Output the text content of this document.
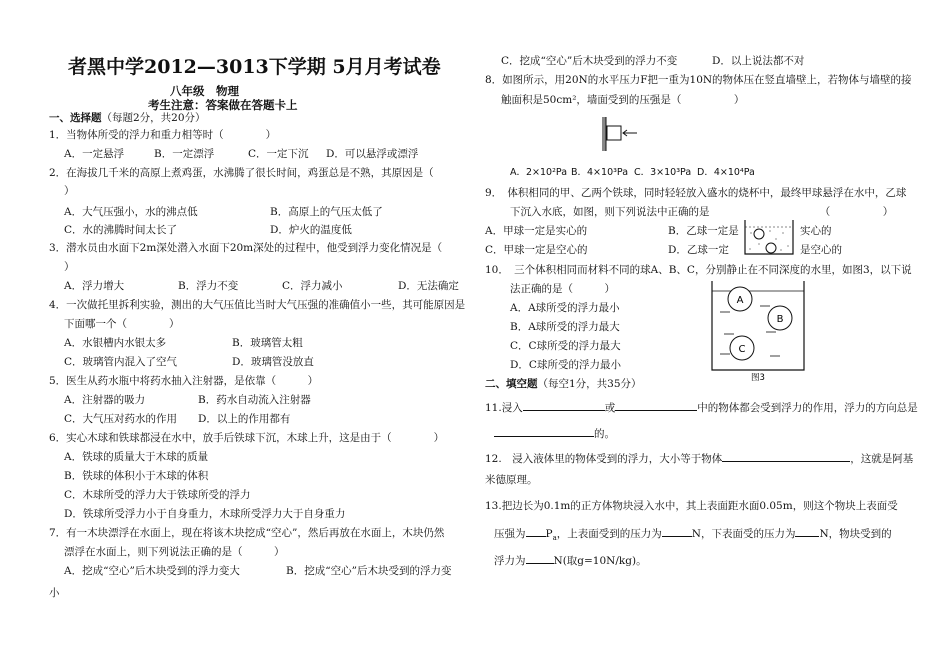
者黑中学2012—3013下学期 5月月考试卷
八年级　物理
考生注意：答案做在答题卡上
一、选择题（每题2分，共20分）
1．当物体所受的浮力和重力相等时（　　　　）
A．一定悬浮	B．一定漂浮	C．一定下沉 D．可以悬浮或漂浮
2．在海拔几千米的高原上煮鸡蛋，水沸腾了很长时间，鸡蛋总是不熟，其原因是（
）
A．大气压强小，水的沸点低	B．高原上的气压太低了
C．水的沸腾时间太长了	D．炉火的温度低
3．潜水员由水面下2m深处潜入水面下20m深处的过程中，他受到浮力变化情况是（
）
A．浮力增大	B．浮力不变	C．浮力减小	D．无法确定
4．一次做托里拆利实验，测出的大气压值比当时大气压强的准确值小一些，其可能原因是
下面哪一个（　　　　）
A．水银槽内水银太多	B．玻璃管太粗
C．玻璃管内混入了空气	D．玻璃管没放直
5．医生从药水瓶中将药水抽入注射器，是依靠（　　　）
A．注射器的吸力	B．药水自动流入注射器
C．大气压对药水的作用 D．以上的作用都有
6．实心木球和铁球都浸在水中，放手后铁球下沉，木球上升，这是由于（　　　　）
A．铁球的质量大于木球的质量
B．铁球的体积小于木球的体积
C．木球所受的浮力大于铁球所受的浮力
D．铁球所受浮力小于自身重力，木球所受浮力大于自身重力
7．有一木块漂浮在水面上，现在将该木块挖成“空心”，然后再放在水面上，木块仍然
漂浮在水面上，则下列说法正确的是（　　　）
A．挖成“空心”后木块受到的浮力变大	B．挖成“空心”后木块受到的浮力变
小
C．挖成“空心”后木块受到的浮力不变	D．以上说法都不对
8．如图所示，用20N的水平压力F把一重为10N的物体压在竖直墙壁上，若物体与墙壁的接
触面积是50cm²，墙面受到的压强是（　　　　　）
A．2×10²Pa B．4×10³Pa C．3×10³Pa D．4×10⁴Pa
9．　体积相同的甲、乙两个铁球，同时轻轻放入盛水的烧杯中，最终甲球悬浮在水中，乙球
下沉入水底，如图，则下列说法中正确的是　　　　　　　　　　　（　　　　　）
A．甲球一定是实心的	B．乙球一定是	实心的
C．甲球一定是空心的	D．乙球一定	是空心的
10．　三个体积相同而材料不同的球A、B、C，分别静止在不同深度的水里，如图3，以下说
法正确的是（　　　）
A．A球所受的浮力最小
B．A球所受的浮力最大
C．C球所受的浮力最大
D．C球所受的浮力最小
A
B
C
图3
二、填空题（每空1分，共35分）
11.浸入	或	中的物体都会受到浮力的作用，浮力的方向总是
的。
12.　浸入液体里的物体受到的浮力，大小等于物体	，这就是阿基
米德原理。
13.把边长为0.1m的正方体物块浸入水中，其上表面距水面0.05m，则这个物块上表面受
压强为 $P_a$，上表面受到的压力为	N，下表面受的压力为 N，物块受到的
浮力为	N(取g=10N/kg)。
